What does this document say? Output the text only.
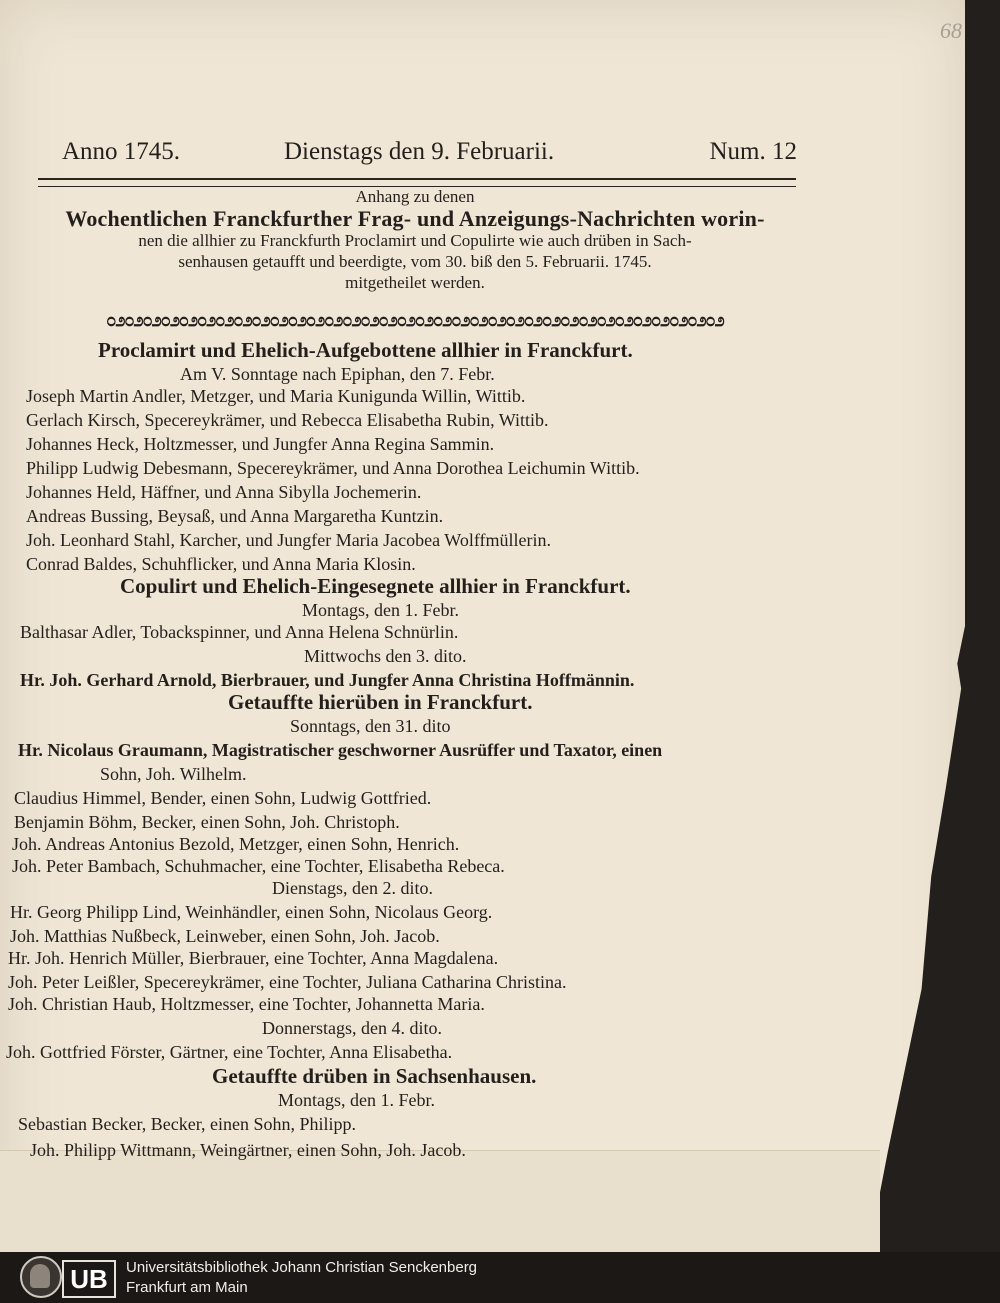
68
Anno 1745.	Dienstags den 9. Februarii.	Num. 12
Anhang zu denen
Wochentlichen Franckfurther Frag- und Anzeigungs-Nachrichten worin-
nen die allhier zu Franckfurth Proclamirt und Copulirte wie auch drüben in Sach-
senhausen getaufft und beerdigte, vom 30. biß den 5. Februarii. 1745.
mitgetheilet werden.
೦೨೦೨೦೨೦೨೦೨೦೨೦೨೦೨೦೨೦೨೦೨೦೨೦೨೦೨೦೨೦೨೦೨೦೨೦೨೦೨೦೨೦೨೦೨೦೨೦೨೦೨೦೨೦೨೦೨೦೨೦೨೦೨೦೨೦೨
Proclamirt und Ehelich-Aufgebottene allhier in Franckfurt.
Am V. Sonntage nach Epiphan, den 7. Febr.
Joseph Martin Andler, Metzger, und Maria Kunigunda Willin, Wittib.
Gerlach Kirsch, Specereykrämer, und Rebecca Elisabetha Rubin, Wittib.
Johannes Heck, Holtzmesser, und Jungfer Anna Regina Sammin.
Philipp Ludwig Debesmann, Specereykrämer, und Anna Dorothea Leichumin Wittib.
Johannes Held, Häffner, und Anna Sibylla Jochemerin.
Andreas Bussing, Beysaß, und Anna Margaretha Kuntzin.
Joh. Leonhard Stahl, Karcher, und Jungfer Maria Jacobea Wolffmüllerin.
Conrad Baldes, Schuhflicker, und Anna Maria Klosin.
Copulirt und Ehelich-Eingesegnete allhier in Franckfurt.
Montags, den 1. Febr.
Balthasar Adler, Tobackspinner, und Anna Helena Schnürlin.
Mittwochs den 3. dito.
Hr. Joh. Gerhard Arnold, Bierbrauer, und Jungfer Anna Christina Hoffmännin.
Getauffte hierüben in Franckfurt.
Sonntags, den 31. dito
Hr. Nicolaus Graumann, Magistratischer geschworner Ausrüffer und Taxator, einen
Sohn, Joh. Wilhelm.
Claudius Himmel, Bender, einen Sohn, Ludwig Gottfried.
Benjamin Böhm, Becker, einen Sohn, Joh. Christoph.
Joh. Andreas Antonius Bezold, Metzger, einen Sohn, Henrich.
Joh. Peter Bambach, Schuhmacher, eine Tochter, Elisabetha Rebeca.
Dienstags, den 2. dito.
Hr. Georg Philipp Lind, Weinhändler, einen Sohn, Nicolaus Georg.
Joh. Matthias Nußbeck, Leinweber, einen Sohn, Joh. Jacob.
Hr. Joh. Henrich Müller, Bierbrauer, eine Tochter, Anna Magdalena.
Joh. Peter Leißler, Specereykrämer, eine Tochter, Juliana Catharina Christina.
Joh. Christian Haub, Holtzmesser, eine Tochter, Johannetta Maria.
Donnerstags, den 4. dito.
Joh. Gottfried Förster, Gärtner, eine Tochter, Anna Elisabetha.
Getauffte drüben in Sachsenhausen.
Montags, den 1. Febr.
Sebastian Becker, Becker, einen Sohn, Philipp.
Joh. Philipp Wittmann, Weingärtner, einen Sohn, Joh. Jacob.
UB	Universitätsbibliothek Johann Christian Senckenberg
Frankfurt am Main
